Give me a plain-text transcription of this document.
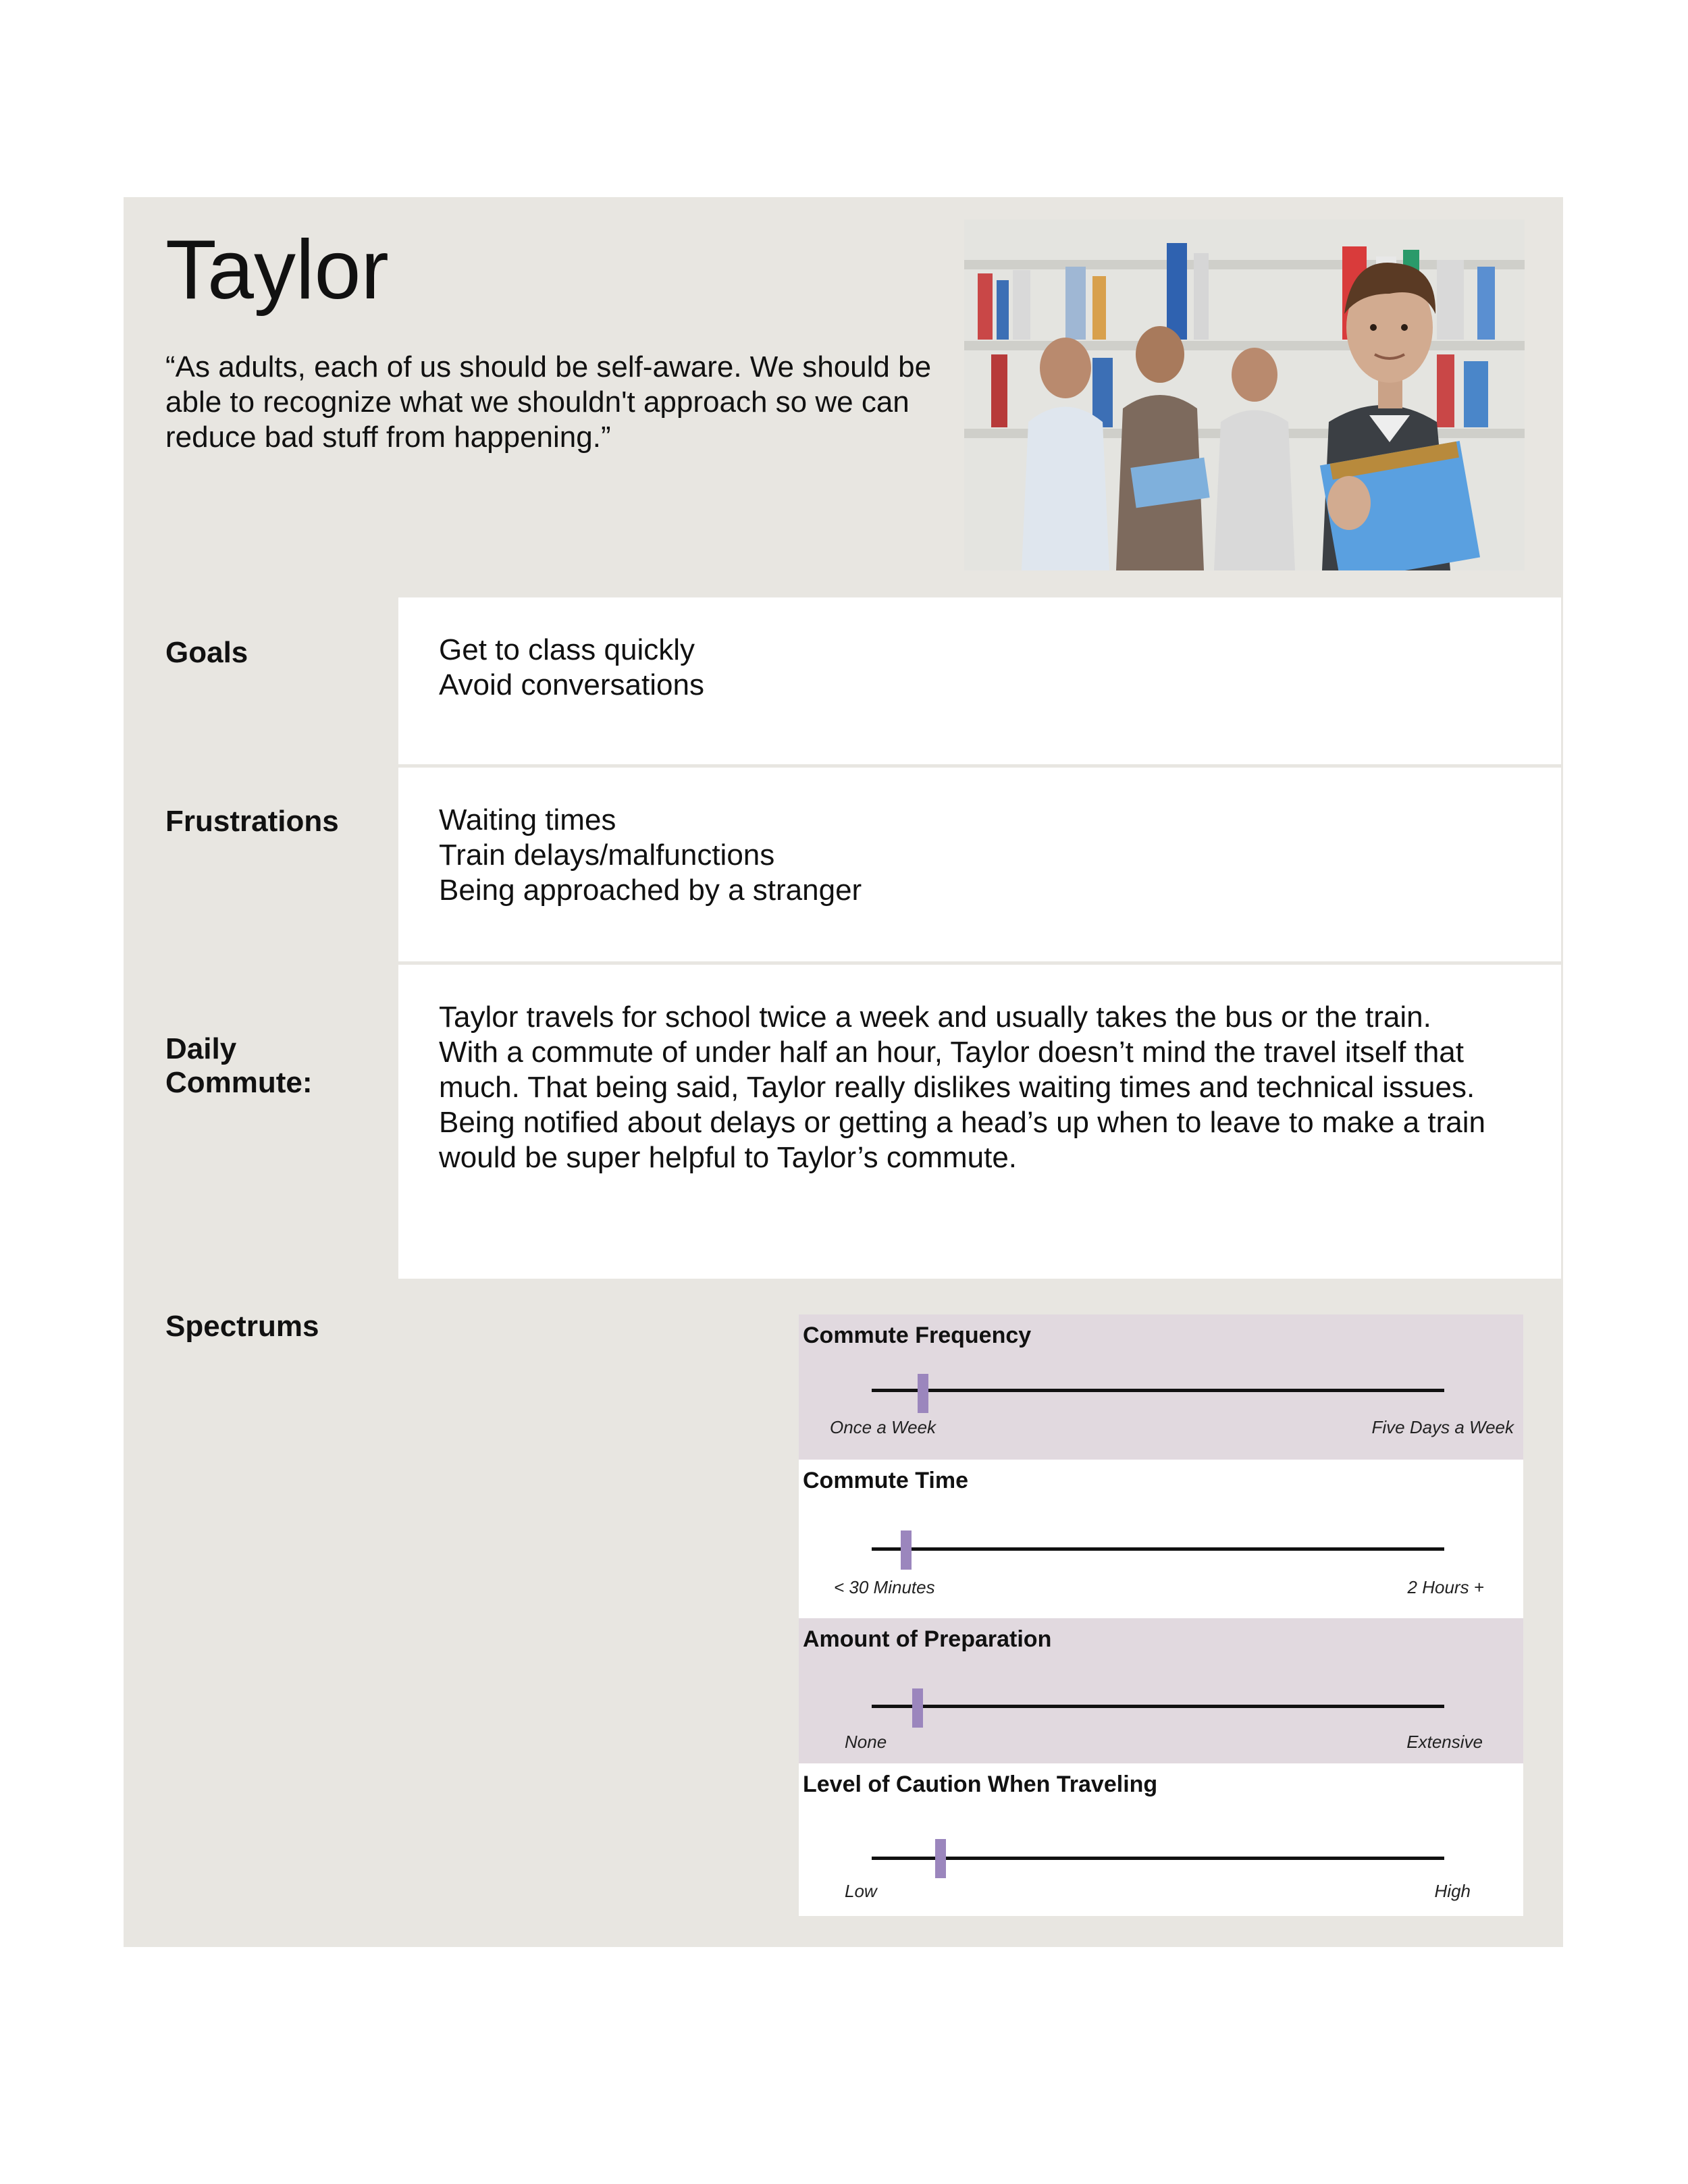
Taylor
“As adults, each of us should be self-aware. We should be able to recognize what we shouldn't approach so we can reduce bad stuff from happening.”
Goals	Get to class quickly
Avoid conversations
Frustrations	Waiting times
Train delays/malfunctions
Being approached by a stranger
Daily
Commute:
Taylor travels for school twice a week and usually takes the bus or the train.
With a commute of under half an hour, Taylor doesn’t mind the travel itself that
much. That being said, Taylor really dislikes waiting times and technical issues.
Being notified about delays or getting a head’s up when to leave to make a train
would be super helpful to Taylor’s commute.
Spectrums	Commute Frequency
Once a Week	Five Days a Week
Commute Time
< 30 Minutes	2 Hours +
Amount of Preparation
None	Extensive
Level of Caution When Traveling
Low	High
